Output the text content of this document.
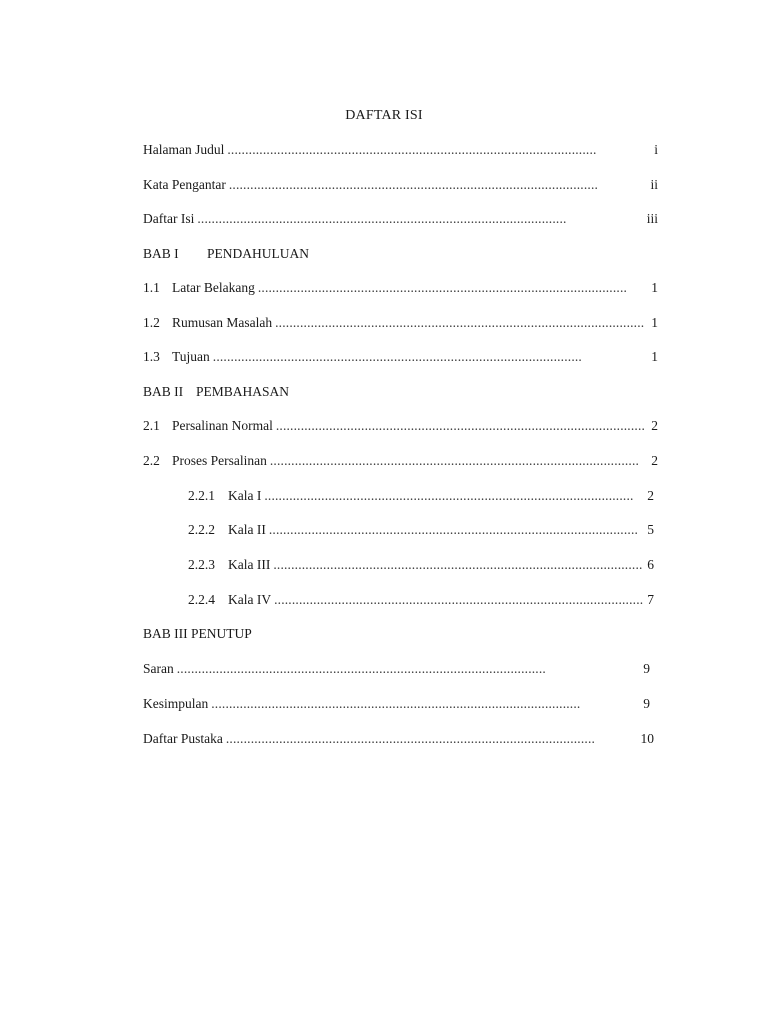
DAFTAR ISI
Halaman Judul . . .	i
Kata Pengantar . . .	ii
Daftar Isi . . .	iii
BAB I PENDAHULUAN
1.1 Latar Belakang . . .	1
1.2 Rumusan Masalah . . .	1
1.3 Tujuan . . .	1
BAB II PEMBAHASAN
2.1 Persalinan Normal . . .	2
2.2 Proses Persalinan . . .	2
2.2.1 Kala I . . .	2
2.2.2 Kala II . . .	5
2.2.3 Kala III . . .	6
2.2.4 Kala IV . . .	7
BAB III PENUTUP
Saran . . .	9
Kesimpulan . . .	9
Daftar Pustaka . . .	10
